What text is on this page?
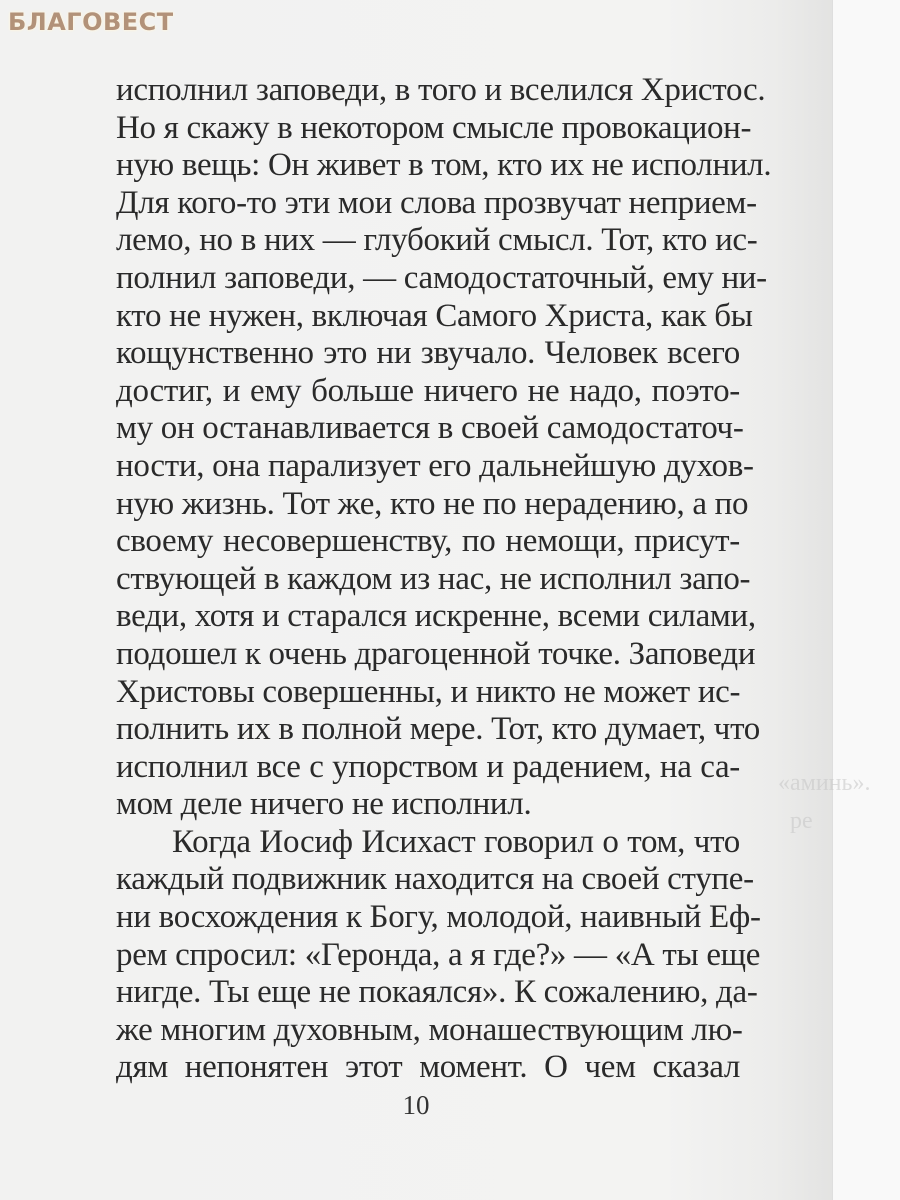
«аминь».
ре
БЛАГОВЕСТ
исполнил заповеди, в того и вселился Христос.
Но я скажу в некотором смысле провокацион-
ную вещь: Он живет в том, кто их не исполнил.
Для кого-то эти мои слова прозвучат неприем-
лемо, но в них — глубокий смысл. Тот, кто ис-
полнил заповеди, — самодостаточный, ему ни-
кто не нужен, включая Самого Христа, как бы
кощунственно это ни звучало. Человек всего
достиг, и ему больше ничего не надо, поэто-
му он останавливается в своей самодостаточ-
ности, она парализует его дальнейшую духов-
ную жизнь. Тот же, кто не по нерадению, а по
своему несовершенству, по немощи, присут-
ствующей в каждом из нас, не исполнил запо-
веди, хотя и старался искренне, всеми силами,
подошел к очень драгоценной точке. Заповеди
Христовы совершенны, и никто не может ис-
полнить их в полной мере. Тот, кто думает, что
исполнил все с упорством и радением, на са-
мом деле ничего не исполнил.
Когда Иосиф Исихаст говорил о том, что
каждый подвижник находится на своей ступе-
ни восхождения к Богу, молодой, наивный Еф-
рем спросил: «Геронда, а я где?» — «А ты еще
нигде. Ты еще не покаялся». К сожалению, да-
же многим духовным, монашествующим лю-
дям непонятен этот момент. О чем сказал
10
